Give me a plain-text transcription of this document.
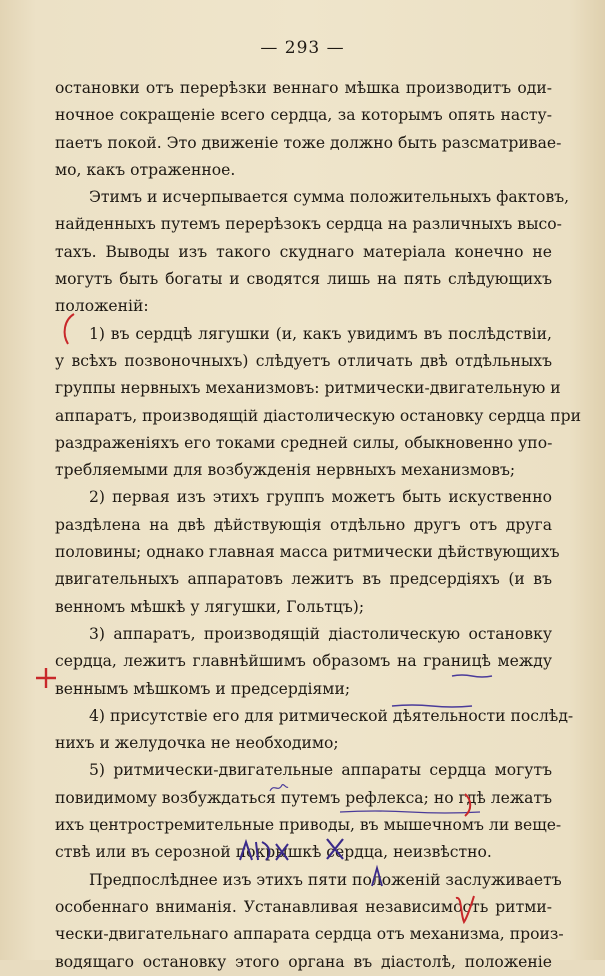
— 293 —
остановки отъ перерѣзки веннаго мѣшка производитъ оди-
ночное сокращеніе всего сердца, за которымъ опять насту-
паетъ покой. Это движеніе тоже должно быть разсматривае-
мо, какъ отраженное.
Этимъ и исчерпывается сумма положительныхъ фактовъ,
найденныхъ путемъ перерѣзокъ сердца на различныхъ высо-
тахъ. Выводы изъ такого скуднаго матеріала конечно не
могутъ быть богаты и сводятся лишь на пять слѣдующихъ
положеній:
1) въ сердцѣ лягушки (и, какъ увидимъ въ послѣдствіи,
у всѣхъ позвоночныхъ) слѣдуетъ отличать двѣ отдѣльныхъ
группы нервныхъ механизмовъ: ритмически-двигательную и
аппаратъ, производящій діастолическую остановку сердца при
раздраженіяхъ его токами средней силы, обыкновенно упо-
требляемыми для возбужденія нервныхъ механизмовъ;
2) первая изъ этихъ группъ можетъ быть искуственно
раздѣлена на двѣ дѣйствующія отдѣльно другъ отъ друга
половины; однако главная масса ритмически дѣйствующихъ
двигательныхъ аппаратовъ лежитъ въ предсердіяхъ (и въ
венномъ мѣшкѣ у лягушки, Гольтцъ);
3) аппаратъ, производящій діастолическую остановку
сердца, лежитъ главнѣйшимъ образомъ на границѣ между
веннымъ мѣшкомъ и предсердіями;
4) присутствіе его для ритмической дѣятельности послѣд-
нихъ и желудочка не необходимо;
5) ритмически-двигательные аппараты сердца могутъ
повидимому возбуждаться путемъ рефлекса; но гдѣ лежатъ
ихъ центростремительные приводы, въ мышечномъ ли веще-
ствѣ или въ серозной покрышкѣ сердца, неизвѣстно.
Предпослѣднее изъ этихъ пяти положеній заслуживаетъ
особеннаго вниманія. Устанавливая независимость ритми-
чески-двигательнаго аппарата сердца отъ механизма, произ-
водящаго остановку этого органа въ діастолѣ, положеніе
